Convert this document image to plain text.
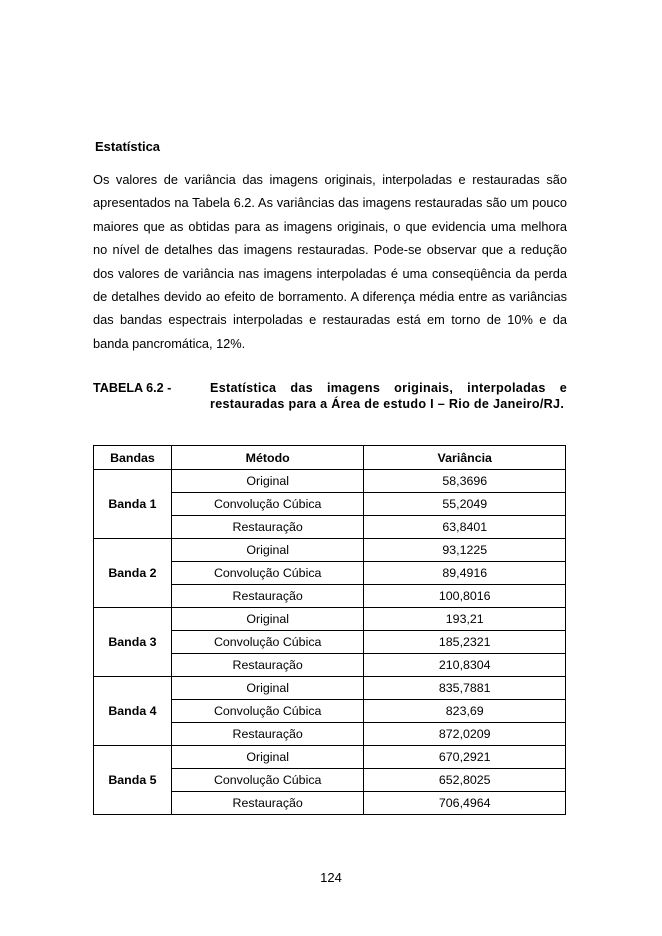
Estatística
Os valores de variância das imagens originais, interpoladas e restauradas são apresentados na Tabela 6.2. As variâncias das imagens restauradas são um pouco maiores que as obtidas para as imagens originais, o que evidencia uma melhora no nível de detalhes das imagens restauradas. Pode-se observar que a redução dos valores de variância nas imagens interpoladas é uma conseqüência da perda de detalhes devido ao efeito de borramento. A diferença média entre as variâncias das bandas espectrais interpoladas e restauradas está em torno de 10% e da banda pancromática, 12%.
TABELA 6.2 -	Estatística das imagens originais, interpoladas e restauradas para a Área de estudo I – Rio de Janeiro/RJ.
Bandas	Método	Variância
Banda 1	Original	58,3696
	Convolução Cúbica	55,2049
	Restauração	63,8401
Banda 2	Original	93,1225
	Convolução Cúbica	89,4916
	Restauração	100,8016
Banda 3	Original	193,21
	Convolução Cúbica	185,2321
	Restauração	210,8304
Banda 4	Original	835,7881
	Convolução Cúbica	823,69
	Restauração	872,0209
Banda 5	Original	670,2921
	Convolução Cúbica	652,8025
	Restauração	706,4964
124
